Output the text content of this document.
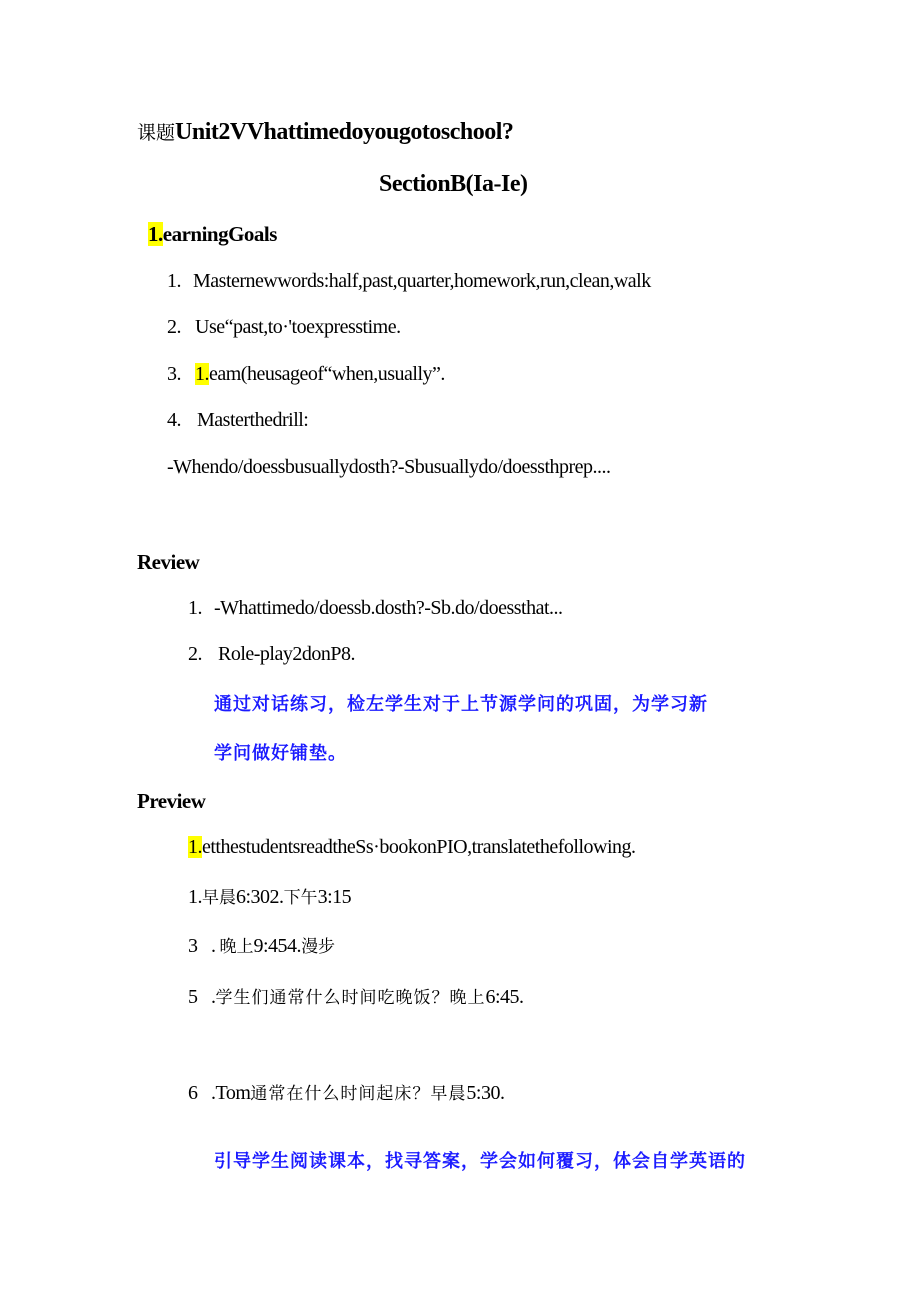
课题Unit2VVhattimedoyougotoschool?
SectionB(Ia-Ie)
1.earningGoals
1. Masternewwords:half,past,quarter,homework,run,clean,walk
2. Use“past,to·'toexpresstime.
3. 1.eam(heusageof“when,usually”.
4. Masterthedrill:
-Whendo/doessbusuallydosth?-Sbusuallydo/doessthprep....
Review
1. -Whattimedo/doessb.dosth?-Sb.do/doessthat...
2. Role-play2donP8.
通过对话练习，检左学生对于上节源学问的巩固，为学习新
学问做好铺垫。
Preview
1.etthestudentsreadtheSs·bookonPIO,translatethefollowing.
1.早晨6:302.下午3:15
3   . 晚上9:454.漫步
5   .学生们通常什么时间吃晚饭？晚上6:45.
6   .Tom通常在什么时间起床？早晨5:30.
引导学生阅读课本，找寻答案，学会如何覆习，体会自学英语的
